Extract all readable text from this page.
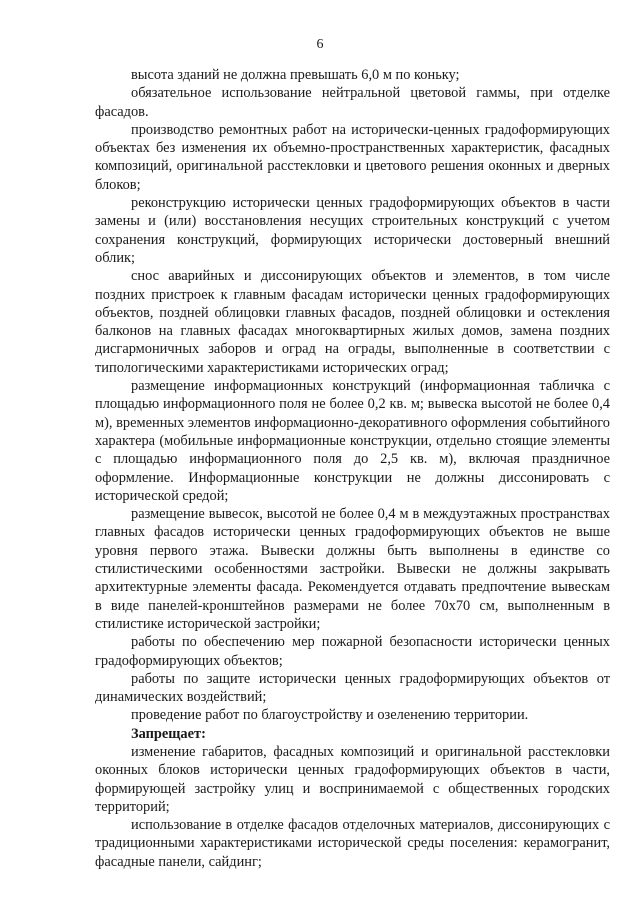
6

высота зданий не должна превышать 6,0 м по коньку;

обязательное использование нейтральной цветовой гаммы, при отделке фасадов.

производство ремонтных работ на исторически-ценных градоформирующих объектах без изменения их объемно-пространственных характеристик, фасадных композиций, оригинальной расстекловки и цветового решения оконных и дверных блоков;

реконструкцию исторически ценных градоформирующих объектов в части замены и (или) восстановления несущих строительных конструкций с учетом сохранения конструкций, формирующих исторически достоверный внешний облик;

снос аварийных и диссонирующих объектов и элементов, в том числе поздних пристроек к главным фасадам исторически ценных градоформирующих объектов, поздней облицовки главных фасадов, поздней облицовки и остекления балконов на главных фасадах многоквартирных жилых домов, замена поздних дисгармоничных заборов и оград на ограды, выполненные в соответствии с типологическими характеристиками исторических оград;

размещение информационных конструкций (информационная табличка с площадью информационного поля не более 0,2 кв. м; вывеска высотой не более 0,4 м), временных элементов информационно-декоративного оформления событийного характера (мобильные информационные конструкции, отдельно стоящие элементы с площадью информационного поля до 2,5 кв. м), включая праздничное оформление. Информационные конструкции не должны диссонировать с исторической средой;

размещение вывесок, высотой не более 0,4 м в междуэтажных пространствах главных фасадов исторически ценных градоформирующих объектов не выше уровня первого этажа. Вывески должны быть выполнены в единстве со стилистическими особенностями застройки. Вывески не должны закрывать архитектурные элементы фасада. Рекомендуется отдавать предпочтение вывескам в виде панелей-кронштейнов размерами не более 70х70 см, выполненным в стилистике исторической застройки;

работы по обеспечению мер пожарной безопасности исторически ценных градоформирующих объектов;

работы по защите исторически ценных градоформирующих объектов от динамических воздействий;

проведение работ по благоустройству и озеленению территории.

Запрещает:

изменение габаритов, фасадных композиций и оригинальной расстекловки оконных блоков исторически ценных градоформирующих объектов в части, формирующей застройку улиц и воспринимаемой с общественных городских территорий;

использование в отделке фасадов отделочных материалов, диссонирующих с традиционными характеристиками исторической среды поселения: керамогранит, фасадные панели, сайдинг;
